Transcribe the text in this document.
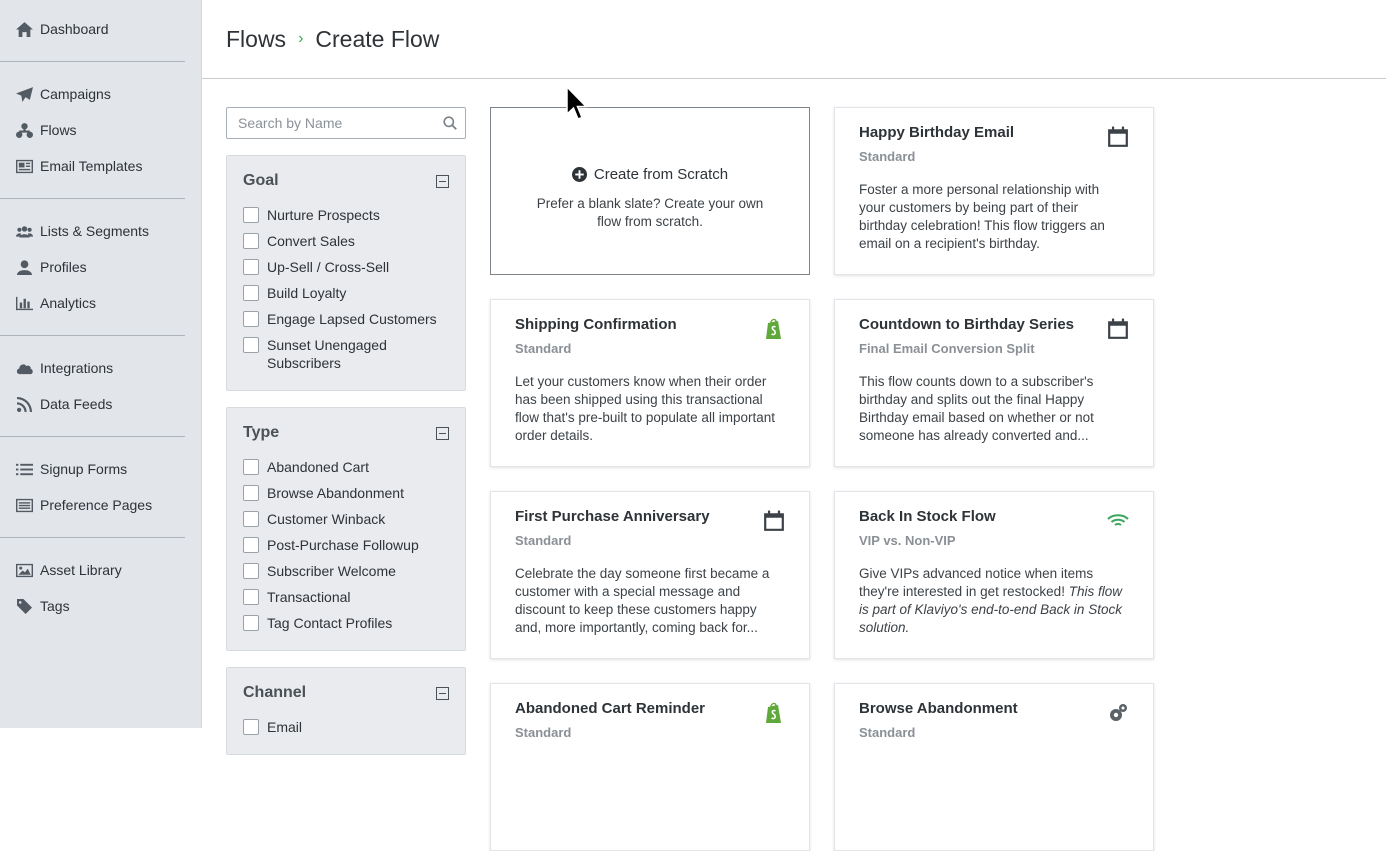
Dashboard
Campaigns
Flows
Email Templates
Lists & Segments
Profiles
Analytics
Integrations
Data Feeds
Signup Forms
Preference Pages
Asset Library
Tags
Flows › Create Flow
Search by Name
Goal
Nurture Prospects
Convert Sales
Up-Sell / Cross-Sell
Build Loyalty
Engage Lapsed Customers
Sunset Unengaged Subscribers
Type
Abandoned Cart
Browse Abandonment
Customer Winback
Post-Purchase Followup
Subscriber Welcome
Transactional
Tag Contact Profiles
Channel
Email
Create from Scratch
Prefer a blank slate? Create your own flow from scratch.
Happy Birthday Email
Standard
Foster a more personal relationship with your customers by being part of their birthday celebration! This flow triggers an email on a recipient's birthday.
Shipping Confirmation
Standard
Let your customers know when their order has been shipped using this transactional flow that's pre-built to populate all important order details.
Countdown to Birthday Series
Final Email Conversion Split
This flow counts down to a subscriber's birthday and splits out the final Happy Birthday email based on whether or not someone has already converted and...
First Purchase Anniversary
Standard
Celebrate the day someone first became a customer with a special message and discount to keep these customers happy and, more importantly, coming back for...
Back In Stock Flow
VIP vs. Non-VIP
Give VIPs advanced notice when items they're interested in get restocked! This flow is part of Klaviyo's end-to-end Back in Stock solution.
Abandoned Cart Reminder
Standard
Browse Abandonment
Standard
